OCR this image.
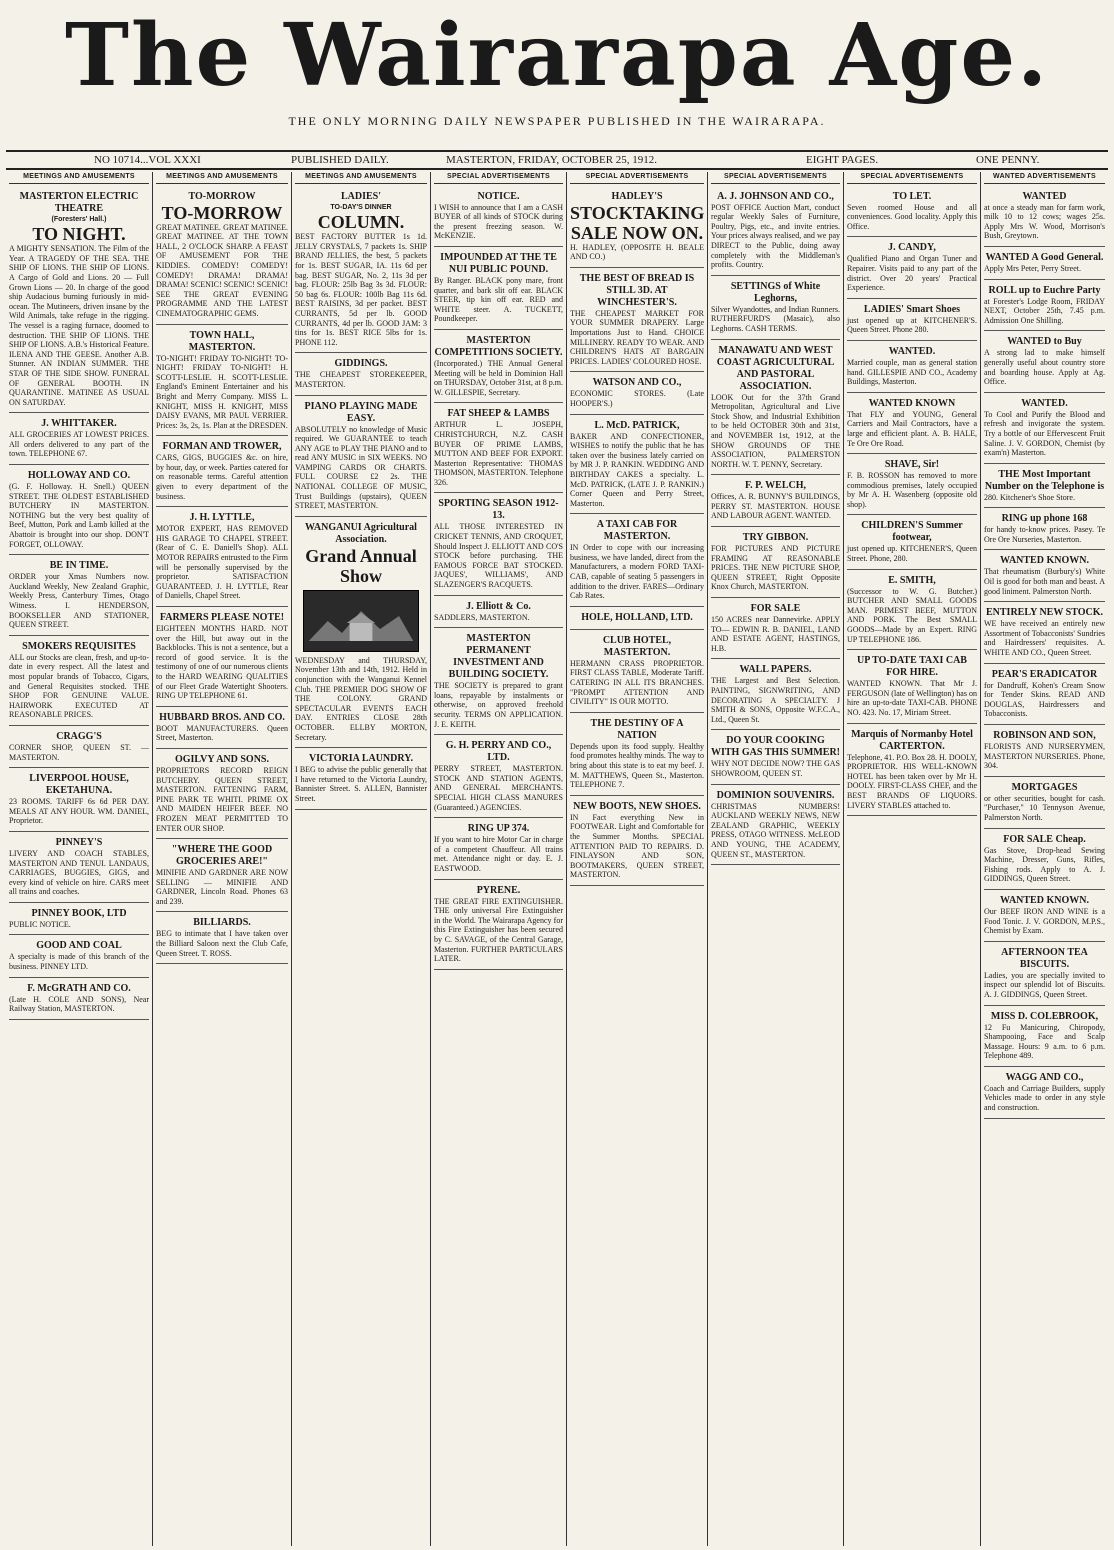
The Wairarapa Age.
THE ONLY MORNING DAILY NEWSPAPER PUBLISHED IN THE WAIRARAPA.
NO 10714...VOL XXXI	PUBLISHED DAILY.	MASTERTON, FRIDAY, OCTOBER 25, 1912.	EIGHT PAGES.	ONE PENNY.
MEETINGS AND AMUSEMENTS
MASTERTON ELECTRIC THEATRE
(Foresters' Hall.)
TO NIGHT.

A MIGHTY SENSATION. The Film of the Year. A TRAGEDY OF THE SEA. THE SHIP OF LIONS. THE SHIP OF LIONS. A Cargo of Gold and Lions. 20 — Full Grown Lions — 20. In charge of the good ship Audacious burning furiously in mid-ocean. The Mutineers, driven insane by the Wild Animals, take refuge in the rigging. The vessel is a raging furnace, doomed to destruction. THE SHIP OF LIONS. THE SHIP OF LIONS. A.B.'s Historical Feature. ILENA AND THE GEESE. Another A.B. Stunner. AN INDIAN SUMMER. THE STAR OF THE SIDE SHOW. FUNERAL OF GENERAL BOOTH. IN QUARANTINE. MATINEE AS USUAL ON SATURDAY.

J. WHITTAKER.

ALL GROCERIES AT LOWEST PRICES. All orders delivered to any part of the town. TELEPHONE 67.

HOLLOWAY AND CO.

(G. F. Holloway. H. Snell.) QUEEN STREET. THE OLDEST ESTABLISHED BUTCHERY IN MASTERTON. NOTHING but the very best quality of Beef, Mutton, Pork and Lamb killed at the Abattoir is brought into our shop. DON'T FORGET, OLLOWAY.

BE IN TIME.

ORDER your Xmas Numbers now. Auckland Weekly, New Zealand Graphic, Weekly Press, Canterbury Times, Otago Witness. I. HENDERSON, BOOKSELLER AND STATIONER, QUEEN STREET.

SMOKERS REQUISITES

ALL our Stocks are clean, fresh, and up-to-date in every respect. All the latest and most popular brands of Tobacco, Cigars, and General Requisites stocked. THE SHOP FOR GENUINE VALUE. HAIRWORK EXECUTED AT REASONABLE PRICES.

CRAGG'S

CORNER SHOP, QUEEN ST. — MASTERTON.

LIVERPOOL HOUSE, EKETAHUNA.

23 ROOMS. TARIFF 6s 6d PER DAY. MEALS AT ANY HOUR. WM. DANIEL, Proprietor.

PINNEY'S

LIVERY AND COACH STABLES, MASTERTON AND TENUI. LANDAUS, CARRIAGES, BUGGIES, GIGS, and every kind of vehicle on hire. CARS meet all trains and coaches.

PINNEY BOOK, LTD

PUBLIC NOTICE.

GOOD AND COAL

A specialty is made of this branch of the business. PINNEY LTD.

F. McGRATH AND CO.

(Late H. COLE AND SONS), Near Railway Station, MASTERTON.

MEETINGS AND AMUSEMENTS
TO-MORROW
TO-MORROW

GREAT MATINEE. GREAT MATINEE. GREAT MATINEE. AT THE TOWN HALL, 2 O'CLOCK SHARP. A FEAST OF AMUSEMENT FOR THE KIDDIES. COMEDY! COMEDY! COMEDY! DRAMA! DRAMA! DRAMA! SCENIC! SCENIC! SCENIC! SEE THE GREAT EVENING PROGRAMME AND THE LATEST CINEMATOGRAPHIC GEMS.

TOWN HALL, MASTERTON.

TO-NIGHT! FRIDAY TO-NIGHT! TO-NIGHT! FRIDAY TO-NIGHT! H. SCOTT-LESLIE. H. SCOTT-LESLIE. England's Eminent Entertainer and his Bright and Merry Company. MISS L. KNIGHT, MISS H. KNIGHT, MISS DAISY EVANS, MR PAUL VERRIER. Prices: 3s, 2s, 1s. Plan at the DRESDEN.

FORMAN AND TROWER,

CARS, GIGS, BUGGIES &c. on hire, by hour, day, or week. Parties catered for on reasonable terms. Careful attention given to every department of the business.

J. H. LYTTLE,

MOTOR EXPERT, HAS REMOVED HIS GARAGE TO CHAPEL STREET. (Rear of C. E. Daniell's Shop). ALL MOTOR REPAIRS entrusted to the Firm will be personally supervised by the proprietor. SATISFACTION GUARANTEED. J. H. LYTTLE, Rear of Daniells, Chapel Street.

FARMERS PLEASE NOTE!

EIGHTEEN MONTHS HARD. NOT over the Hill, but away out in the Backblocks. This is not a sentence, but a record of good service. It is the testimony of one of our numerous clients to the HARD WEARING QUALITIES of our Fleet Grade Watertight Shooters. RING UP TELEPHONE 61.

HUBBARD BROS. AND CO.

BOOT MANUFACTURERS. Queen Street, Masterton.

OGILVY AND SONS.

PROPRIETORS RECORD REIGN BUTCHERY. QUEEN STREET, MASTERTON. FATTENING FARM, PINE PARK TE WHITI. PRIME OX AND MAIDEN HEIFER BEEF. NO FROZEN MEAT PERMITTED TO ENTER OUR SHOP.

"WHERE THE GOOD GROCERIES ARE!"

MINIFIE AND GARDNER ARE NOW SELLING — MINIFIE AND GARDNER, Lincoln Road. Phones 63 and 239.

BILLIARDS.

BEG to intimate that I have taken over the Billiard Saloon next the Club Cafe, Queen Street. T. ROSS.

MEETINGS AND AMUSEMENTS
LADIES'
TO-DAY'S DINNER
COLUMN.

BEST FACTORY BUTTER 1s 1d. JELLY CRYSTALS, 7 packets 1s. SHIP BRAND JELLIES, the best, 5 packets for 1s. BEST SUGAR, IA. 11s 6d per bag. BEST SUGAR, No. 2, 11s 3d per bag. FLOUR: 25lb Bag 3s 3d. FLOUR: 50 bag 6s. FLOUR: 100lb Bag 11s 6d. BEST RAISINS, 3d per packet. BEST CURRANTS, 5d per lb. GOOD CURRANTS, 4d per lb. GOOD JAM: 3 tins for 1s. BEST RICE 5lbs for 1s. PHONE 112.

GIDDINGS.

THE CHEAPEST STOREKEEPER, MASTERTON.

PIANO PLAYING MADE EASY.

ABSOLUTELY no knowledge of Music required. We GUARANTEE to teach ANY AGE to PLAY THE PIANO and to read ANY MUSIC in SIX WEEKS. NO VAMPING CARDS OR CHARTS. FULL COURSE £2 2s. THE NATIONAL COLLEGE OF MUSIC, Trust Buildings (upstairs), QUEEN STREET, MASTERTON.

WANGANUI Agricultural Association.
Grand Annual Show

WEDNESDAY and THURSDAY, November 13th and 14th, 1912. Held in conjunction with the Wanganui Kennel Club. THE PREMIER DOG SHOW OF THE COLONY. GRAND SPECTACULAR EVENTS EACH DAY. ENTRIES CLOSE 28th OCTOBER. ELLBY MORTON, Secretary.

VICTORIA LAUNDRY.

I BEG to advise the public generally that I have returned to the Victoria Laundry, Bannister Street. S. ALLEN, Bannister Street.

SPECIAL ADVERTISEMENTS
NOTICE.

I WISH to announce that I am a CASH BUYER of all kinds of STOCK during the present freezing season. W. McKENZIE.

IMPOUNDED AT THE TE NUI PUBLIC POUND.

By Ranger. BLACK pony mare, front quarter, and bark slit off ear. BLACK STEER, tip kin off ear. RED and WHITE steer. A. TUCKETT, Poundkeeper.

MASTERTON COMPETITIONS SOCIETY.

(Incorporated.) THE Annual General Meeting will be held in Dominion Hall on THURSDAY, October 31st, at 8 p.m. W. GILLESPIE, Secretary.

FAT SHEEP & LAMBS

ARTHUR L. JOSEPH, CHRISTCHURCH, N.Z. CASH BUYER OF PRIME LAMBS, MUTTON AND BEEF FOR EXPORT. Masterton Representative: THOMAS THOMSON, MASTERTON. Telephone 326.

SPORTING SEASON 1912-13.

ALL THOSE INTERESTED IN CRICKET TENNIS, AND CROQUET, Should Inspect J. ELLIOTT AND CO'S STOCK before purchasing. THE FAMOUS FORCE BAT STOCKED. JAQUES', WILLIAMS', AND SLAZENGER'S RACQUETS.

J. Elliott & Co.

SADDLERS, MASTERTON.

MASTERTON PERMANENT INVESTMENT AND BUILDING SOCIETY.

THE SOCIETY is prepared to grant loans, repayable by instalments or otherwise, on approved freehold security. TERMS ON APPLICATION. J. E. KEITH.

G. H. PERRY AND CO., LTD.

PERRY STREET, MASTERTON. STOCK AND STATION AGENTS, AND GENERAL MERCHANTS. SPECIAL HIGH CLASS MANURES (Guaranteed.) AGENCIES.

RING UP 374.

If you want to hire Motor Car in charge of a competent Chauffeur. All trains met. Attendance night or day. E. J. EASTWOOD.

PYRENE.

THE GREAT FIRE EXTINGUISHER. THE only universal Fire Extinguisher in the World. The Wairarapa Agency for this Fire Extinguisher has been secured by C. SAVAGE, of the Central Garage, Masterton. FURTHER PARTICULARS LATER.

SPECIAL ADVERTISEMENTS
HADLEY'S
STOCKTAKING SALE NOW ON.

H. HADLEY, (OPPOSITE H. BEALE AND CO.)

THE BEST OF BREAD IS STILL 3D. AT WINCHESTER'S.

THE CHEAPEST MARKET FOR YOUR SUMMER DRAPERY. Large Importations Just to Hand. CHOICE MILLINERY. READY TO WEAR. AND CHILDREN'S HATS AT BARGAIN PRICES. LADIES' COLOURED HOSE.

WATSON AND CO.,

ECONOMIC STORES. (Late HOOPER'S.)

L. McD. PATRICK,

BAKER AND CONFECTIONER, WISHES to notify the public that he has taken over the business lately carried on by MR J. P. RANKIN. WEDDING AND BIRTHDAY CAKES a specialty. L. McD. PATRICK, (LATE J. P. RANKIN.) Corner Queen and Perry Street, Masterton.

A TAXI CAB FOR MASTERTON.

IN Order to cope with our increasing business, we have landed, direct from the Manufacturers, a modern FORD TAXI-CAB, capable of seating 5 passengers in addition to the driver. FARES—Ordinary Cab Rates.

HOLE, HOLLAND, LTD.
CLUB HOTEL, MASTERTON.

HERMANN CRASS PROPRIETOR. FIRST CLASS TABLE, Moderate Tariff. CATERING IN ALL ITS BRANCHES. "PROMPT ATTENTION AND CIVILITY" IS OUR MOTTO.

THE DESTINY OF A NATION

Depends upon its food supply. Healthy food promotes healthy minds. The way to bring about this state is to eat my beef. J. M. MATTHEWS, Queen St., Masterton. TELEPHONE 7.

NEW BOOTS, NEW SHOES.

IN Fact everything New in FOOTWEAR. Light and Comfortable for the Summer Months. SPECIAL ATTENTION PAID TO REPAIRS. D. FINLAYSON AND SON, BOOTMAKERS, QUEEN STREET, MASTERTON.

SPECIAL ADVERTISEMENTS
A. J. JOHNSON AND CO.,

POST OFFICE Auction Mart, conduct regular Weekly Sales of Furniture, Poultry, Pigs, etc., and invite entries. Your prices always realised, and we pay DIRECT to the Public, doing away completely with the Middleman's profits. Country.

SETTINGS of White Leghorns,

Silver Wyandottes, and Indian Runners. RUTHERFURD'S (Masaic), also Leghorns. CASH TERMS.

MANAWATU AND WEST COAST AGRICULTURAL AND PASTORAL ASSOCIATION.

LOOK Out for the 37th Grand Metropolitan, Agricultural and Live Stock Show, and Industrial Exhibition to be held OCTOBER 30th and 31st, and NOVEMBER 1st, 1912, at the SHOW GROUNDS OF THE ASSOCIATION, PALMERSTON NORTH. W. T. PENNY, Secretary.

F. P. WELCH,

Offices, A. R. BUNNY'S BUILDINGS, PERRY ST. MASTERTON. HOUSE AND LABOUR AGENT. WANTED.

TRY GIBBON.

FOR PICTURES AND PICTURE FRAMING AT REASONABLE PRICES. THE NEW PICTURE SHOP, QUEEN STREET, Right Opposite Knox Church, MASTERTON.

FOR SALE

150 ACRES near Dannevirke. APPLY TO— EDWIN R. B. DANIEL, LAND AND ESTATE AGENT, HASTINGS, H.B.

WALL PAPERS.

THE Largest and Best Selection. PAINTING, SIGNWRITING, AND DECORATING A SPECIALTY. J SMITH & SONS, Opposite W.F.C.A., Ltd., Queen St.

DO YOUR COOKING WITH GAS THIS SUMMER!

WHY NOT DECIDE NOW? THE GAS SHOWROOM, QUEEN ST.

DOMINION SOUVENIRS.

CHRISTMAS NUMBERS! AUCKLAND WEEKLY NEWS, NEW ZEALAND GRAPHIC, WEEKLY PRESS, OTAGO WITNESS. McLEOD AND YOUNG, THE ACADEMY, QUEEN ST., MASTERTON.

SPECIAL ADVERTISEMENTS
TO LET.

Seven roomed House and all conveniences. Good locality. Apply this Office.

J. CANDY,

Qualified Piano and Organ Tuner and Repairer. Visits paid to any part of the district. Over 20 years' Practical Experience.

LADIES' Smart Shoes

just opened up at KITCHENER'S. Queen Street. Phone 280.

WANTED.

Married couple, man as general station hand. GILLESPIE AND CO., Academy Buildings, Masterton.

WANTED KNOWN

That FLY and YOUNG, General Carriers and Mail Contractors, have a large and efficient plant. A. B. HALE, Te Ore Ore Road.

SHAVE, Sir!

F. B. ROSSON has removed to more commodious premises, lately occupied by Mr A. H. Wasenberg (opposite old shop).

CHILDREN'S Summer footwear,

just opened up. KITCHENER'S, Queen Street. Phone, 280.

E. SMITH,

(Successor to W. G. Butcher.) BUTCHER AND SMALL GOODS MAN. PRIMEST BEEF, MUTTON AND PORK. The Best SMALL GOODS—Made by an Expert. RING UP TELEPHONE 186.

UP TO-DATE TAXI CAB FOR HIRE.

WANTED KNOWN. That Mr J. FERGUSON (late of Wellington) has on hire an up-to-date TAXI-CAB. PHONE NO. 423. No. 17, Miriam Street.

Marquis of Normanby Hotel CARTERTON.

Telephone, 41. P.O. Box 28. H. DOOLY, PROPRIETOR. HIS WELL-KNOWN HOTEL has been taken over by Mr H. DOOLY. FIRST-CLASS CHEF, and the BEST BRANDS OF LIQUORS. LIVERY STABLES attached to.

WANTED ADVERTISEMENTS
WANTED

at once a steady man for farm work, milk 10 to 12 cows; wages 25s. Apply Mrs W. Wood, Morrison's Bush, Greytown.

WANTED A Good General.

Apply Mrs Peter, Perry Street.

ROLL up to Euchre Party

at Forester's Lodge Room, FRIDAY NEXT, October 25th, 7.45 p.m. Admission One Shilling.

WANTED to Buy

A strong lad to make himself generally useful about country store and boarding house. Apply at Ag. Office.

WANTED.

To Cool and Purify the Blood and refresh and invigorate the system. Try a bottle of our Effervescent Fruit Saline. J. V. GORDON, Chemist (by exam'n) Masterton.

THE Most Important Number on the Telephone is

280. Kitchener's Shoe Store.

RING up phone 168

for handy to-know prices. Pasey. Te Ore Ore Nurseries, Masterton.

WANTED KNOWN.

That rheumatism (Burbury's) White Oil is good for both man and beast. A good liniment. Palmerston North.

ENTIRELY NEW STOCK.

WE have received an entirely new Assortment of Tobacconists' Sundries and Hairdressers' requisites. A. WHITE AND CO., Queen Street.

PEAR'S ERADICATOR

for Dandruff, Kohen's Cream Snow for Tender Skins. READ AND DOUGLAS, Hairdressers and Tobacconists.

ROBINSON AND SON,

FLORISTS AND NURSERYMEN, MASTERTON NURSERIES. Phone, 304.

MORTGAGES

or other securities, bought for cash. "Purchaser," 10 Tennyson Avenue, Palmerston North.

FOR SALE Cheap.

Gas Stove, Drop-head Sewing Machine, Dresser, Guns, Rifles, Fishing rods. Apply to A. J. GIDDINGS, Queen Street.

WANTED KNOWN.

Our BEEF IRON AND WINE is a Food Tonic. J. V. GORDON, M.P.S., Chemist by Exam.

AFTERNOON TEA BISCUITS.

Ladies, you are specially invited to inspect our splendid lot of Biscuits. A. J. GIDDINGS, Queen Street.

MISS D. COLEBROOK,

12 Fu Manicuring, Chiropody, Shampooing, Face and Scalp Massage. Hours: 9 a.m. to 6 p.m. Telephone 489.

WAGG AND CO.,

Coach and Carriage Builders, supply Vehicles made to order in any style and construction.
